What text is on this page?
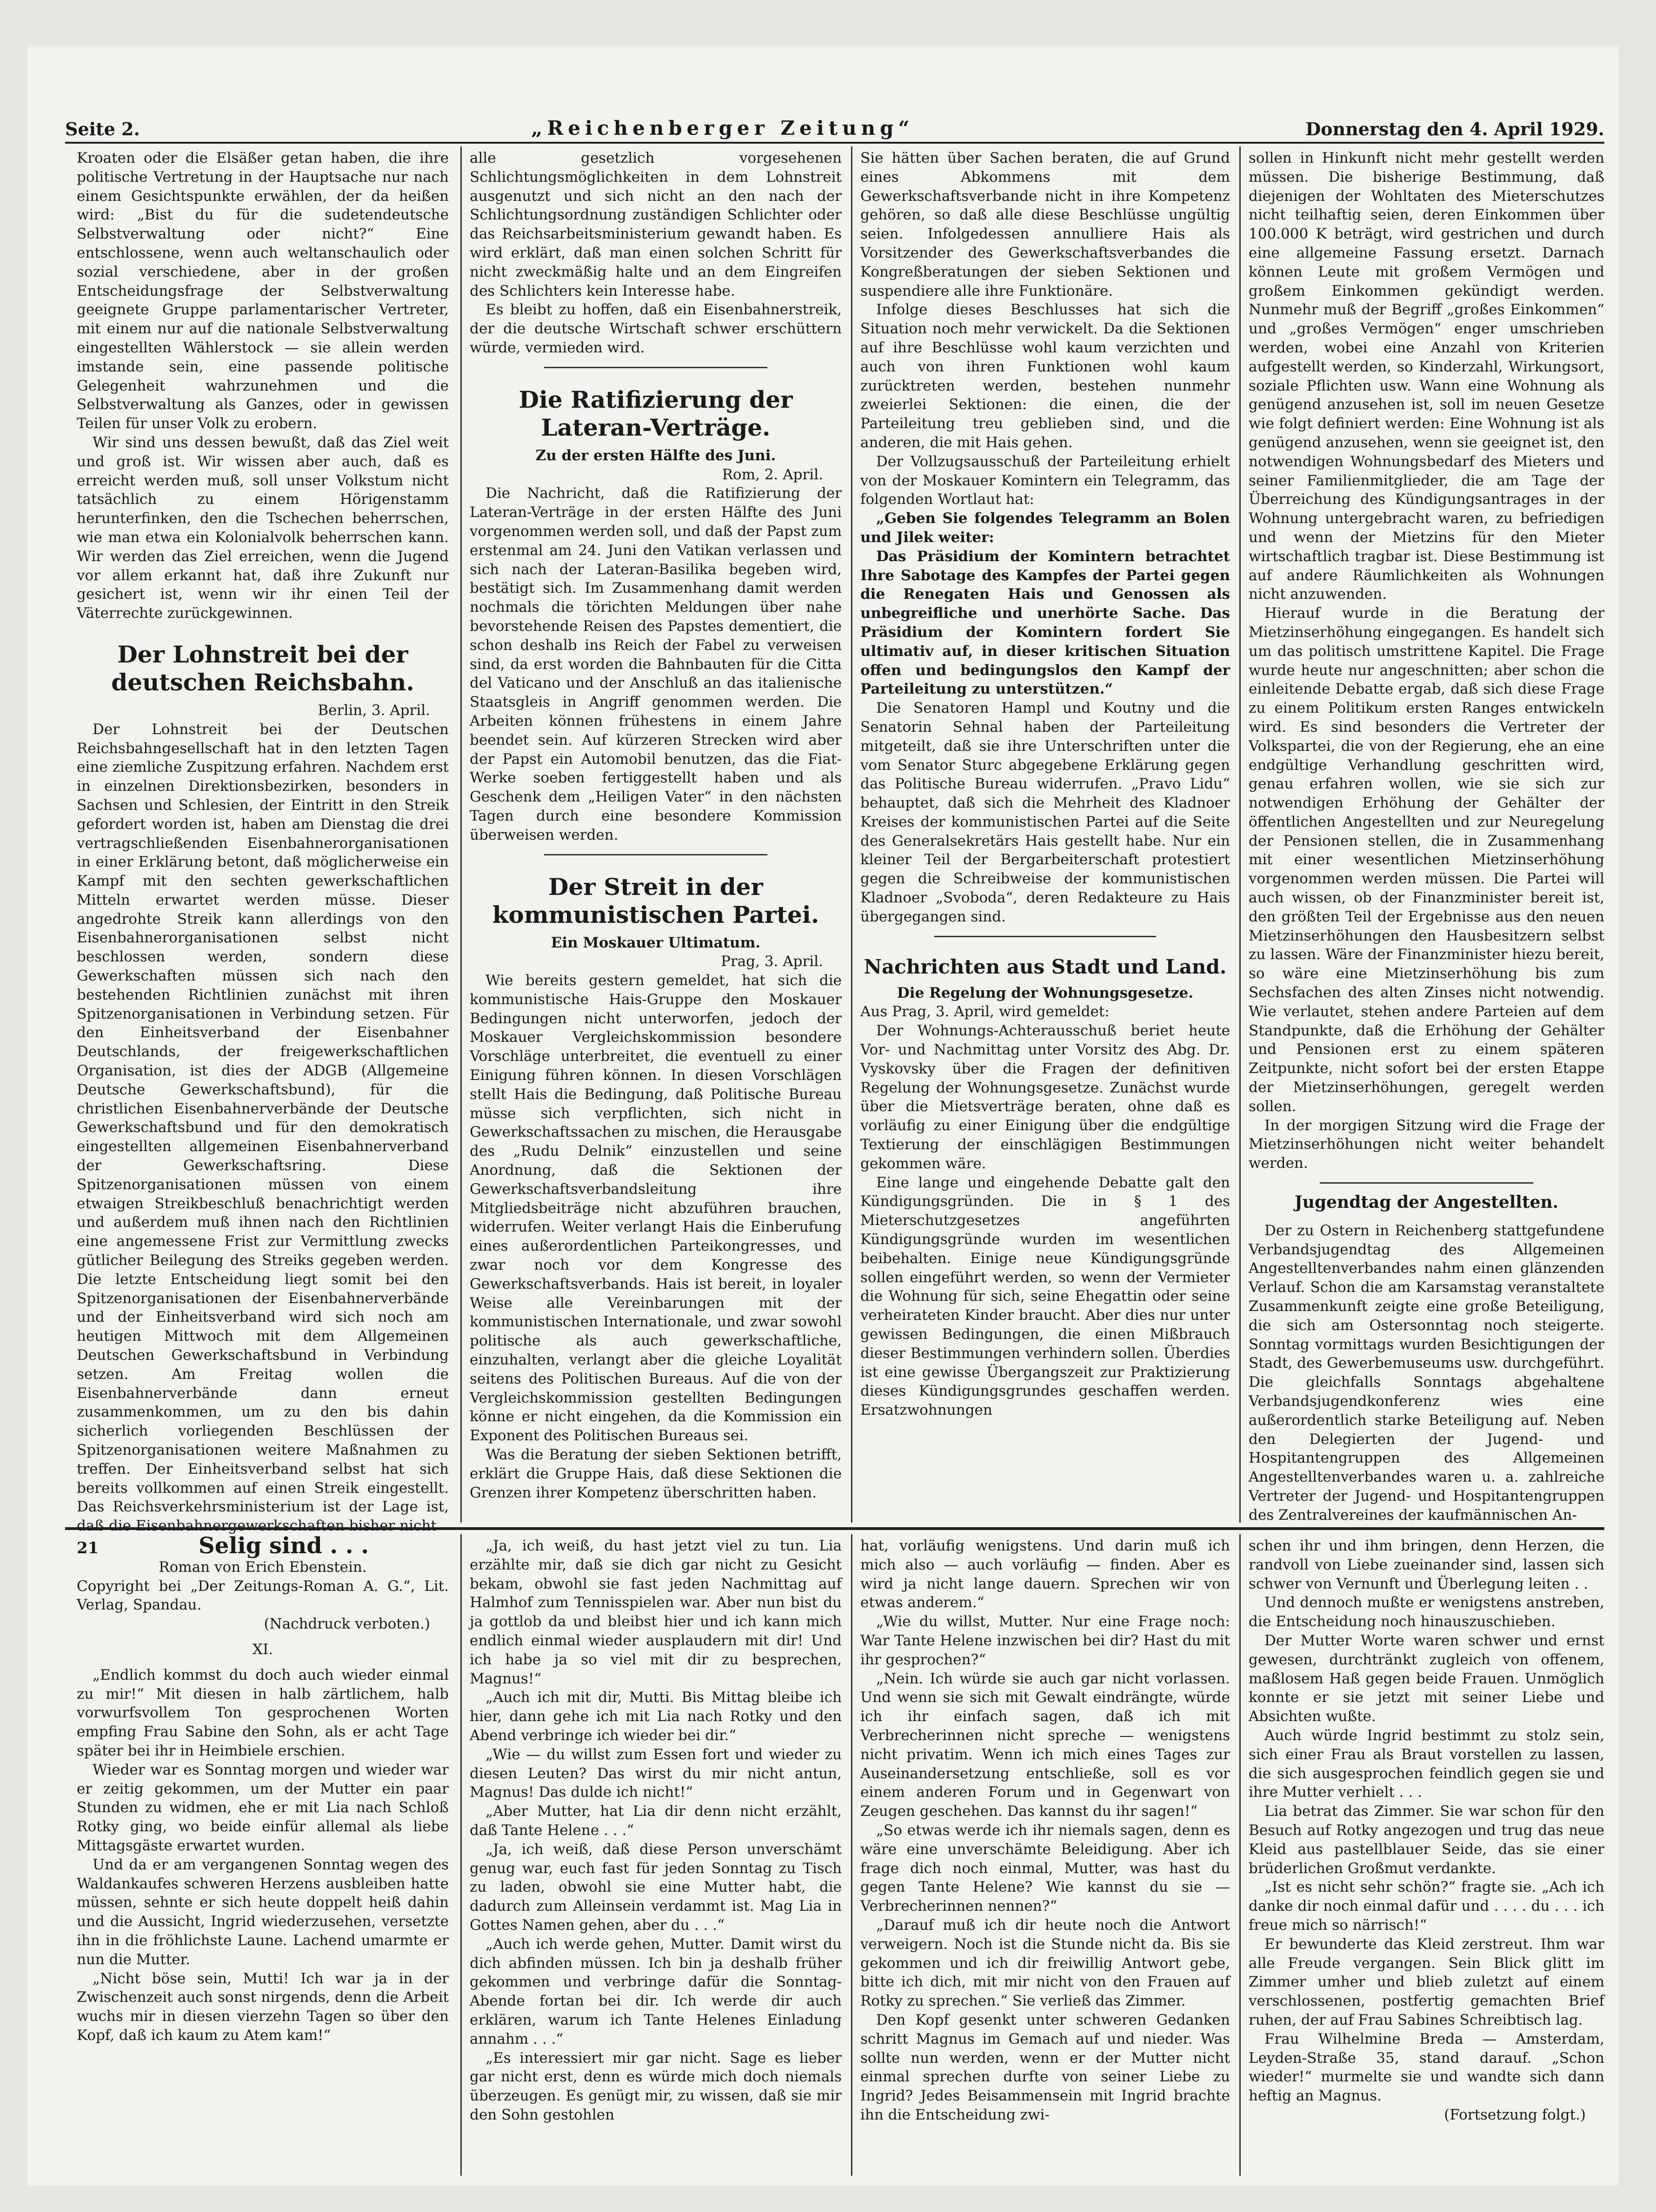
Seite 2.	„Reichenberger Zeitung“	Donnerstag den 4. April 1929.

Kroaten oder die Elsäßer getan haben, die ihre politische Vertretung in der Hauptsache nur nach einem Gesichtspunkte erwählen, der da heißen wird: „Bist du für die sudetendeutsche Selbstverwaltung oder nicht?“ Eine entschlossene, wenn auch weltanschaulich oder sozial verschiedene, aber in der großen Entscheidungsfrage der Selbstverwaltung geeignete Gruppe parlamentarischer Vertreter, mit einem nur auf die nationale Selbstverwaltung eingestellten Wählerstock — sie allein werden imstande sein, eine passende politische Gelegenheit wahrzunehmen und die Selbstverwaltung als Ganzes, oder in gewissen Teilen für unser Volk zu erobern.

Wir sind uns dessen bewußt, daß das Ziel weit und groß ist. Wir wissen aber auch, daß es erreicht werden muß, soll unser Volkstum nicht tatsächlich zu einem Hörigenstamm herunterfinken, den die Tschechen beherrschen, wie man etwa ein Kolonialvolk beherrschen kann. Wir werden das Ziel erreichen, wenn die Jugend vor allem erkannt hat, daß ihre Zukunft nur gesichert ist, wenn wir ihr einen Teil der Väterrechte zurückgewinnen.

Der Lohnstreit bei der deutschen Reichsbahn.

Berlin, 3. April.

Der Lohnstreit bei der Deutschen Reichsbahngesellschaft hat in den letzten Tagen eine ziemliche Zuspitzung erfahren. Nachdem erst in einzelnen Direktionsbezirken, besonders in Sachsen und Schlesien, der Eintritt in den Streik gefordert worden ist, haben am Dienstag die drei vertragschließenden Eisenbahnerorganisationen in einer Erklärung betont, daß möglicherweise ein Kampf mit den sechten gewerkschaftlichen Mitteln erwartet werden müsse. Dieser angedrohte Streik kann allerdings von den Eisenbahnerorganisationen selbst nicht beschlossen werden, sondern diese Gewerkschaften müssen sich nach den bestehenden Richtlinien zunächst mit ihren Spitzenorganisationen in Verbindung setzen. Für den Einheitsverband der Eisenbahner Deutschlands, der freigewerkschaftlichen Organisation, ist dies der ADGB (Allgemeine Deutsche Gewerkschaftsbund), für die christlichen Eisenbahnerverbände der Deutsche Gewerkschaftsbund und für den demokratisch eingestellten allgemeinen Eisenbahnerverband der Gewerkschaftsring. Diese Spitzenorganisationen müssen von einem etwaigen Streikbeschluß benachrichtigt werden und außerdem muß ihnen nach den Richtlinien eine angemessene Frist zur Vermittlung zwecks gütlicher Beilegung des Streiks gegeben werden. Die letzte Entscheidung liegt somit bei den Spitzenorganisationen der Eisenbahnerverbände und der Einheitsverband wird sich noch am heutigen Mittwoch mit dem Allgemeinen Deutschen Gewerkschaftsbund in Verbindung setzen. Am Freitag wollen die Eisenbahnerverbände dann erneut zusammenkommen, um zu den bis dahin sicherlich vorliegenden Beschlüssen der Spitzenorganisationen weitere Maßnahmen zu treffen. Der Einheitsverband selbst hat sich bereits vollkommen auf einen Streik eingestellt. Das Reichsverkehrsministerium ist der Lage ist, daß die Eisenbahnergewerkschaften bisher nicht

alle gesetzlich vorgesehenen Schlichtungsmöglichkeiten in dem Lohnstreit ausgenutzt und sich nicht an den nach der Schlichtungsordnung zuständigen Schlichter oder das Reichsarbeitsministerium gewandt haben. Es wird erklärt, daß man einen solchen Schritt für nicht zweckmäßig halte und an dem Eingreifen des Schlichters kein Interesse habe.

Es bleibt zu hoffen, daß ein Eisenbahnerstreik, der die deutsche Wirtschaft schwer erschüttern würde, vermieden wird.

Die Ratifizierung der Lateran-Verträge.

Zu der ersten Hälfte des Juni.

Rom, 2. April.

Die Nachricht, daß die Ratifizierung der Lateran-Verträge in der ersten Hälfte des Juni vorgenommen werden soll, und daß der Papst zum erstenmal am 24. Juni den Vatikan verlassen und sich nach der Lateran-Basilika begeben wird, bestätigt sich. Im Zusammenhang damit werden nochmals die törichten Meldungen über nahe bevorstehende Reisen des Papstes dementiert, die schon deshalb ins Reich der Fabel zu verweisen sind, da erst worden die Bahnbauten für die Citta del Vaticano und der Anschluß an das italienische Staatsgleis in Angriff genommen werden. Die Arbeiten können frühestens in einem Jahre beendet sein. Auf kürzeren Strecken wird aber der Papst ein Automobil benutzen, das die Fiat-Werke soeben fertiggestellt haben und als Geschenk dem „Heiligen Vater“ in den nächsten Tagen durch eine besondere Kommission überweisen werden.

Der Streit in der kommunistischen Partei.

Ein Moskauer Ultimatum.

Prag, 3. April.

Wie bereits gestern gemeldet, hat sich die kommunistische Hais-Gruppe den Moskauer Bedingungen nicht unterworfen, jedoch der Moskauer Vergleichskommission besondere Vorschläge unterbreitet, die eventuell zu einer Einigung führen können. In diesen Vorschlägen stellt Hais die Bedingung, daß Politische Bureau müsse sich verpflichten, sich nicht in Gewerkschaftssachen zu mischen, die Herausgabe des „Rudu Delnik“ einzustellen und seine Anordnung, daß die Sektionen der Gewerkschaftsverbandsleitung ihre Mitgliedsbeiträge nicht abzuführen brauchen, widerrufen. Weiter verlangt Hais die Einberufung eines außerordentlichen Parteikongresses, und zwar noch vor dem Kongresse des Gewerkschaftsverbands. Hais ist bereit, in loyaler Weise alle Vereinbarungen mit der kommunistischen Internationale, und zwar sowohl politische als auch gewerkschaftliche, einzuhalten, verlangt aber die gleiche Loyalität seitens des Politischen Bureaus. Auf die von der Vergleichskommission gestellten Bedingungen könne er nicht eingehen, da die Kommission ein Exponent des Politischen Bureaus sei.

Was die Beratung der sieben Sektionen betrifft, erklärt die Gruppe Hais, daß diese Sektionen die Grenzen ihrer Kompetenz überschritten haben.

Sie hätten über Sachen beraten, die auf Grund eines Abkommens mit dem Gewerkschaftsverbande nicht in ihre Kompetenz gehören, so daß alle diese Beschlüsse ungültig seien. Infolgedessen annulliere Hais als Vorsitzender des Gewerkschaftsverbandes die Kongreßberatungen der sieben Sektionen und suspendiere alle ihre Funktionäre.

Infolge dieses Beschlusses hat sich die Situation noch mehr verwickelt. Da die Sektionen auf ihre Beschlüsse wohl kaum verzichten und auch von ihren Funktionen wohl kaum zurücktreten werden, bestehen nunmehr zweierlei Sektionen: die einen, die der Parteileitung treu geblieben sind, und die anderen, die mit Hais gehen.

Der Vollzugsausschuß der Parteileitung erhielt von der Moskauer Komintern ein Telegramm, das folgenden Wortlaut hat:

„Geben Sie folgendes Telegramm an Bolen und Jilek weiter:

Das Präsidium der Komintern betrachtet Ihre Sabotage des Kampfes der Partei gegen die Renegaten Hais und Genossen als unbegreifliche und unerhörte Sache. Das Präsidium der Komintern fordert Sie ultimativ auf, in dieser kritischen Situation offen und bedingungslos den Kampf der Parteileitung zu unterstützen.“

Die Senatoren Hampl und Koutny und die Senatorin Sehnal haben der Parteileitung mitgeteilt, daß sie ihre Unterschriften unter die vom Senator Sturc abgegebene Erklärung gegen das Politische Bureau widerrufen. „Pravo Lidu“ behauptet, daß sich die Mehrheit des Kladnoer Kreises der kommunistischen Partei auf die Seite des Generalsekretärs Hais gestellt habe. Nur ein kleiner Teil der Bergarbeiterschaft protestiert gegen die Schreibweise der kommunistischen Kladnoer „Svoboda“, deren Redakteure zu Hais übergegangen sind.

Nachrichten aus Stadt und Land.

Die Regelung der Wohnungsgesetze.

Aus Prag, 3. April, wird gemeldet:

Der Wohnungs-Achterausschuß beriet heute Vor- und Nachmittag unter Vorsitz des Abg. Dr. Vyskovsky über die Fragen der definitiven Regelung der Wohnungsgesetze. Zunächst wurde über die Mietsverträge beraten, ohne daß es vorläufig zu einer Einigung über die endgültige Textierung der einschlägigen Bestimmungen gekommen wäre.

Eine lange und eingehende Debatte galt den Kündigungsgründen. Die in § 1 des Mieterschutzgesetzes angeführten Kündigungsgründe wurden im wesentlichen beibehalten. Einige neue Kündigungsgründe sollen eingeführt werden, so wenn der Vermieter die Wohnung für sich, seine Ehegattin oder seine verheirateten Kinder braucht. Aber dies nur unter gewissen Bedingungen, die einen Mißbrauch dieser Bestimmungen verhindern sollen. Überdies ist eine gewisse Übergangszeit zur Praktizierung dieses Kündigungsgrundes geschaffen werden. Ersatzwohnungen

sollen in Hinkunft nicht mehr gestellt werden müssen. Die bisherige Bestimmung, daß diejenigen der Wohltaten des Mieterschutzes nicht teilhaftig seien, deren Einkommen über 100.000 K beträgt, wird gestrichen und durch eine allgemeine Fassung ersetzt. Darnach können Leute mit großem Vermögen und großem Einkommen gekündigt werden. Nunmehr muß der Begriff „großes Einkommen“ und „großes Vermögen“ enger umschrieben werden, wobei eine Anzahl von Kriterien aufgestellt werden, so Kinderzahl, Wirkungsort, soziale Pflichten usw. Wann eine Wohnung als genügend anzusehen ist, soll im neuen Gesetze wie folgt definiert werden: Eine Wohnung ist als genügend anzusehen, wenn sie geeignet ist, den notwendigen Wohnungsbedarf des Mieters und seiner Familienmitglieder, die am Tage der Überreichung des Kündigungsantrages in der Wohnung untergebracht waren, zu befriedigen und wenn der Mietzins für den Mieter wirtschaftlich tragbar ist. Diese Bestimmung ist auf andere Räumlichkeiten als Wohnungen nicht anzuwenden.

Hierauf wurde in die Beratung der Mietzinserhöhung eingegangen. Es handelt sich um das politisch umstrittene Kapitel. Die Frage wurde heute nur angeschnitten; aber schon die einleitende Debatte ergab, daß sich diese Frage zu einem Politikum ersten Ranges entwickeln wird. Es sind besonders die Vertreter der Volkspartei, die von der Regierung, ehe an eine endgültige Verhandlung geschritten wird, genau erfahren wollen, wie sie sich zur notwendigen Erhöhung der Gehälter der öffentlichen Angestellten und zur Neuregelung der Pensionen stellen, die in Zusammenhang mit einer wesentlichen Mietzinserhöhung vorgenommen werden müssen. Die Partei will auch wissen, ob der Finanzminister bereit ist, den größten Teil der Ergebnisse aus den neuen Mietzinserhöhungen den Hausbesitzern selbst zu lassen. Wäre der Finanzminister hiezu bereit, so wäre eine Mietzinserhöhung bis zum Sechsfachen des alten Zinses nicht notwendig. Wie verlautet, stehen andere Parteien auf dem Standpunkte, daß die Erhöhung der Gehälter und Pensionen erst zu einem späteren Zeitpunkte, nicht sofort bei der ersten Etappe der Mietzinserhöhungen, geregelt werden sollen.

In der morgigen Sitzung wird die Frage der Mietzinserhöhungen nicht weiter behandelt werden.

Jugendtag der Angestellten.

Der zu Ostern in Reichenberg stattgefundene Verbandsjugendtag des Allgemeinen Angestelltenverbandes nahm einen glänzenden Verlauf. Schon die am Karsamstag veranstaltete Zusammenkunft zeigte eine große Beteiligung, die sich am Ostersonntag noch steigerte. Sonntag vormittags wurden Besichtigungen der Stadt, des Gewerbemuseums usw. durchgeführt. Die gleichfalls Sonntags abgehaltene Verbandsjugendkonferenz wies eine außerordentlich starke Beteiligung auf. Neben den Delegierten der Jugend- und Hospitantengruppen des Allgemeinen Angestelltenverbandes waren u. a. zahlreiche Vertreter der Jugend- und Hospitantengruppen des Zentralvereines der kaufmännischen An-

21	Selig sind . . .

Roman von Erich Ebenstein.

Copyright bei „Der Zeitungs-Roman A. G.“, Lit. Verlag, Spandau.

(Nachdruck verboten.)

XI.

„Endlich kommst du doch auch wieder einmal zu mir!“ Mit diesen in halb zärtlichem, halb vorwurfsvollem Ton gesprochenen Worten empfing Frau Sabine den Sohn, als er acht Tage später bei ihr in Heimbiele erschien.

Wieder war es Sonntag morgen und wieder war er zeitig gekommen, um der Mutter ein paar Stunden zu widmen, ehe er mit Lia nach Schloß Rotky ging, wo beide einfür allemal als liebe Mittagsgäste erwartet wurden.

Und da er am vergangenen Sonntag wegen des Waldankaufes schweren Herzens ausbleiben hatte müssen, sehnte er sich heute doppelt heiß dahin und die Aussicht, Ingrid wiederzusehen, versetzte ihn in die fröhlichste Laune. Lachend umarmte er nun die Mutter.

„Nicht böse sein, Mutti! Ich war ja in der Zwischenzeit auch sonst nirgends, denn die Arbeit wuchs mir in diesen vierzehn Tagen so über den Kopf, daß ich kaum zu Atem kam!“

„Ja, ich weiß, du hast jetzt viel zu tun. Lia erzählte mir, daß sie dich gar nicht zu Gesicht bekam, obwohl sie fast jeden Nachmittag auf Halmhof zum Tennisspielen war. Aber nun bist du ja gottlob da und bleibst hier und ich kann mich endlich einmal wieder ausplaudern mit dir! Und ich habe ja so viel mit dir zu besprechen, Magnus!“

„Auch ich mit dir, Mutti. Bis Mittag bleibe ich hier, dann gehe ich mit Lia nach Rotky und den Abend verbringe ich wieder bei dir.“

„Wie — du willst zum Essen fort und wieder zu diesen Leuten? Das wirst du mir nicht antun, Magnus! Das dulde ich nicht!“

„Aber Mutter, hat Lia dir denn nicht erzählt, daß Tante Helene . . .“

„Ja, ich weiß, daß diese Person unverschämt genug war, euch fast für jeden Sonntag zu Tisch zu laden, obwohl sie eine Mutter habt, die dadurch zum Alleinsein verdammt ist. Mag Lia in Gottes Namen gehen, aber du . . .“

„Auch ich werde gehen, Mutter. Damit wirst du dich abfinden müssen. Ich bin ja deshalb früher gekommen und verbringe dafür die Sonntag-Abende fortan bei dir. Ich werde dir auch erklären, warum ich Tante Helenes Einladung annahm . . .“

„Es interessiert mir gar nicht. Sage es lieber gar nicht erst, denn es würde mich doch niemals überzeugen. Es genügt mir, zu wissen, daß sie mir den Sohn gestohlen

hat, vorläufig wenigstens. Und darin muß ich mich also — auch vorläufig — finden. Aber es wird ja nicht lange dauern. Sprechen wir von etwas anderem.“

„Wie du willst, Mutter. Nur eine Frage noch: War Tante Helene inzwischen bei dir? Hast du mit ihr gesprochen?“

„Nein. Ich würde sie auch gar nicht vorlassen. Und wenn sie sich mit Gewalt eindrängte, würde ich ihr einfach sagen, daß ich mit Verbrecherinnen nicht spreche — wenigstens nicht privatim. Wenn ich mich eines Tages zur Auseinandersetzung entschließe, soll es vor einem anderen Forum und in Gegenwart von Zeugen geschehen. Das kannst du ihr sagen!“

„So etwas werde ich ihr niemals sagen, denn es wäre eine unverschämte Beleidigung. Aber ich frage dich noch einmal, Mutter, was hast du gegen Tante Helene? Wie kannst du sie — Verbrecherinnen nennen?“

„Darauf muß ich dir heute noch die Antwort verweigern. Noch ist die Stunde nicht da. Bis sie gekommen und ich dir freiwillig Antwort gebe, bitte ich dich, mit mir nicht von den Frauen auf Rotky zu sprechen.“ Sie verließ das Zimmer.

Den Kopf gesenkt unter schweren Gedanken schritt Magnus im Gemach auf und nieder. Was sollte nun werden, wenn er der Mutter nicht einmal sprechen durfte von seiner Liebe zu Ingrid? Jedes Beisammensein mit Ingrid brachte ihn die Entscheidung zwi-

schen ihr und ihm bringen, denn Herzen, die randvoll von Liebe zueinander sind, lassen sich schwer von Vernunft und Überlegung leiten . .

Und dennoch mußte er wenigstens anstreben, die Entscheidung noch hinauszuschieben.

Der Mutter Worte waren schwer und ernst gewesen, durchtränkt zugleich von offenem, maßlosem Haß gegen beide Frauen. Unmöglich konnte er sie jetzt mit seiner Liebe und Absichten wußte.

Auch würde Ingrid bestimmt zu stolz sein, sich einer Frau als Braut vorstellen zu lassen, die sich ausgesprochen feindlich gegen sie und ihre Mutter verhielt . . .

Lia betrat das Zimmer. Sie war schon für den Besuch auf Rotky angezogen und trug das neue Kleid aus pastellblauer Seide, das sie einer brüderlichen Großmut verdankte.

„Ist es nicht sehr schön?“ fragte sie. „Ach ich danke dir noch einmal dafür und . . . . du . . . ich freue mich so närrisch!“

Er bewunderte das Kleid zerstreut. Ihm war alle Freude vergangen. Sein Blick glitt im Zimmer umher und blieb zuletzt auf einem verschlossenen, postfertig gemachten Brief ruhen, der auf Frau Sabines Schreibtisch lag.

Frau Wilhelmine Breda — Amsterdam, Leyden-Straße 35, stand darauf. „Schon wieder!“ murmelte sie und wandte sich dann heftig an Magnus.

(Fortsetzung folgt.)
